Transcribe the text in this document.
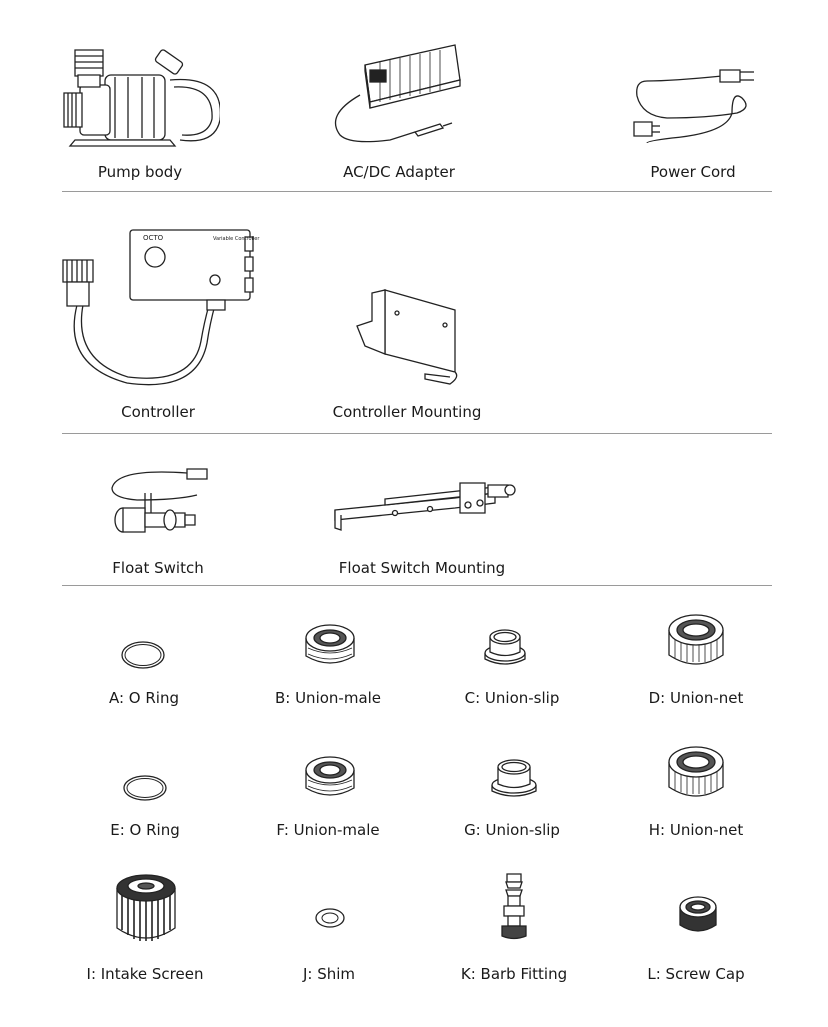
Pump body	AC/DC Adapter	Power Cord
OCTO	Variable Controller
Controller	Controller Mounting
Float Switch	Float Switch Mounting
A: O Ring	B: Union-male	C: Union-slip	D: Union-net
E: O Ring	F: Union-male	G: Union-slip	H: Union-net
I: Intake Screen	J: Shim	K: Barb Fitting	L: Screw Cap
